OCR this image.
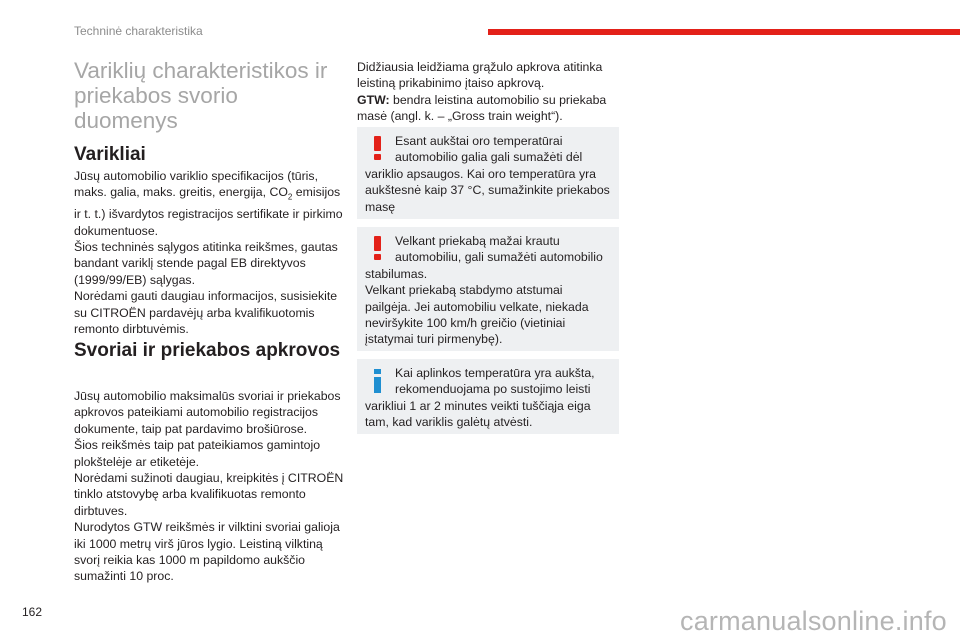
Techninė charakteristika
Variklių charakteristikos ir priekabos svorio duomenys
Varikliai

Jūsų automobilio variklio specifikacijos (tūris, maks. galia, maks. greitis, energija, $CO_2$ emisijos ir t. t.) išvardytos registracijos sertifikate ir pirkimo dokumentuose.

Šios techninės sąlygos atitinka reikšmes, gautas bandant variklį stende pagal EB direktyvos (1999/99/EB) sąlygas.

Norėdami gauti daugiau informacijos, susisiekite su CITROËN pardavėjų arba kvalifikuotomis remonto dirbtuvėmis.

Svoriai ir priekabos apkrovos

Jūsų automobilio maksimalūs svoriai ir priekabos apkrovos pateikiami automobilio registracijos dokumente, taip pat pardavimo brošiūrose.

Šios reikšmės taip pat pateikiamos gamintojo plokštelėje ar etiketėje.

Norėdami sužinoti daugiau, kreipkitės į CITROËN tinklo atstovybę arba kvalifikuotas remonto dirbtuves.

Nurodytos GTW reikšmės ir vilktini svoriai galioja iki 1000 metrų virš jūros lygio. Leistiną vilktiną svorį reikia kas 1000 m papildomo aukščio sumažinti 10 proc.

Didžiausia leidžiama grąžulo apkrova atitinka leistiną prikabinimo įtaiso apkrovą.

GTW: bendra leistina automobilio su priekaba masė (angl. k. – „Gross train weight“).

Esant aukštai oro temperatūrai automobilio galia gali sumažėti dėl variklio apsaugos. Kai oro temperatūra yra aukštesnė kaip 37 °C, sumažinkite priekabos masę

Velkant priekabą mažai krautu automobiliu, gali sumažėti automobilio stabilumas.

Velkant priekabą stabdymo atstumai pailgėja. Jei automobiliu velkate, niekada neviršykite 100 km/h greičio (vietiniai įstatymai turi pirmenybę).

Kai aplinkos temperatūra yra aukšta, rekomenduojama po sustojimo leisti varikliui 1 ar 2 minutes veikti tuščiąja eiga tam, kad variklis galėtų atvėsti.

162	carmanualsonline.info
